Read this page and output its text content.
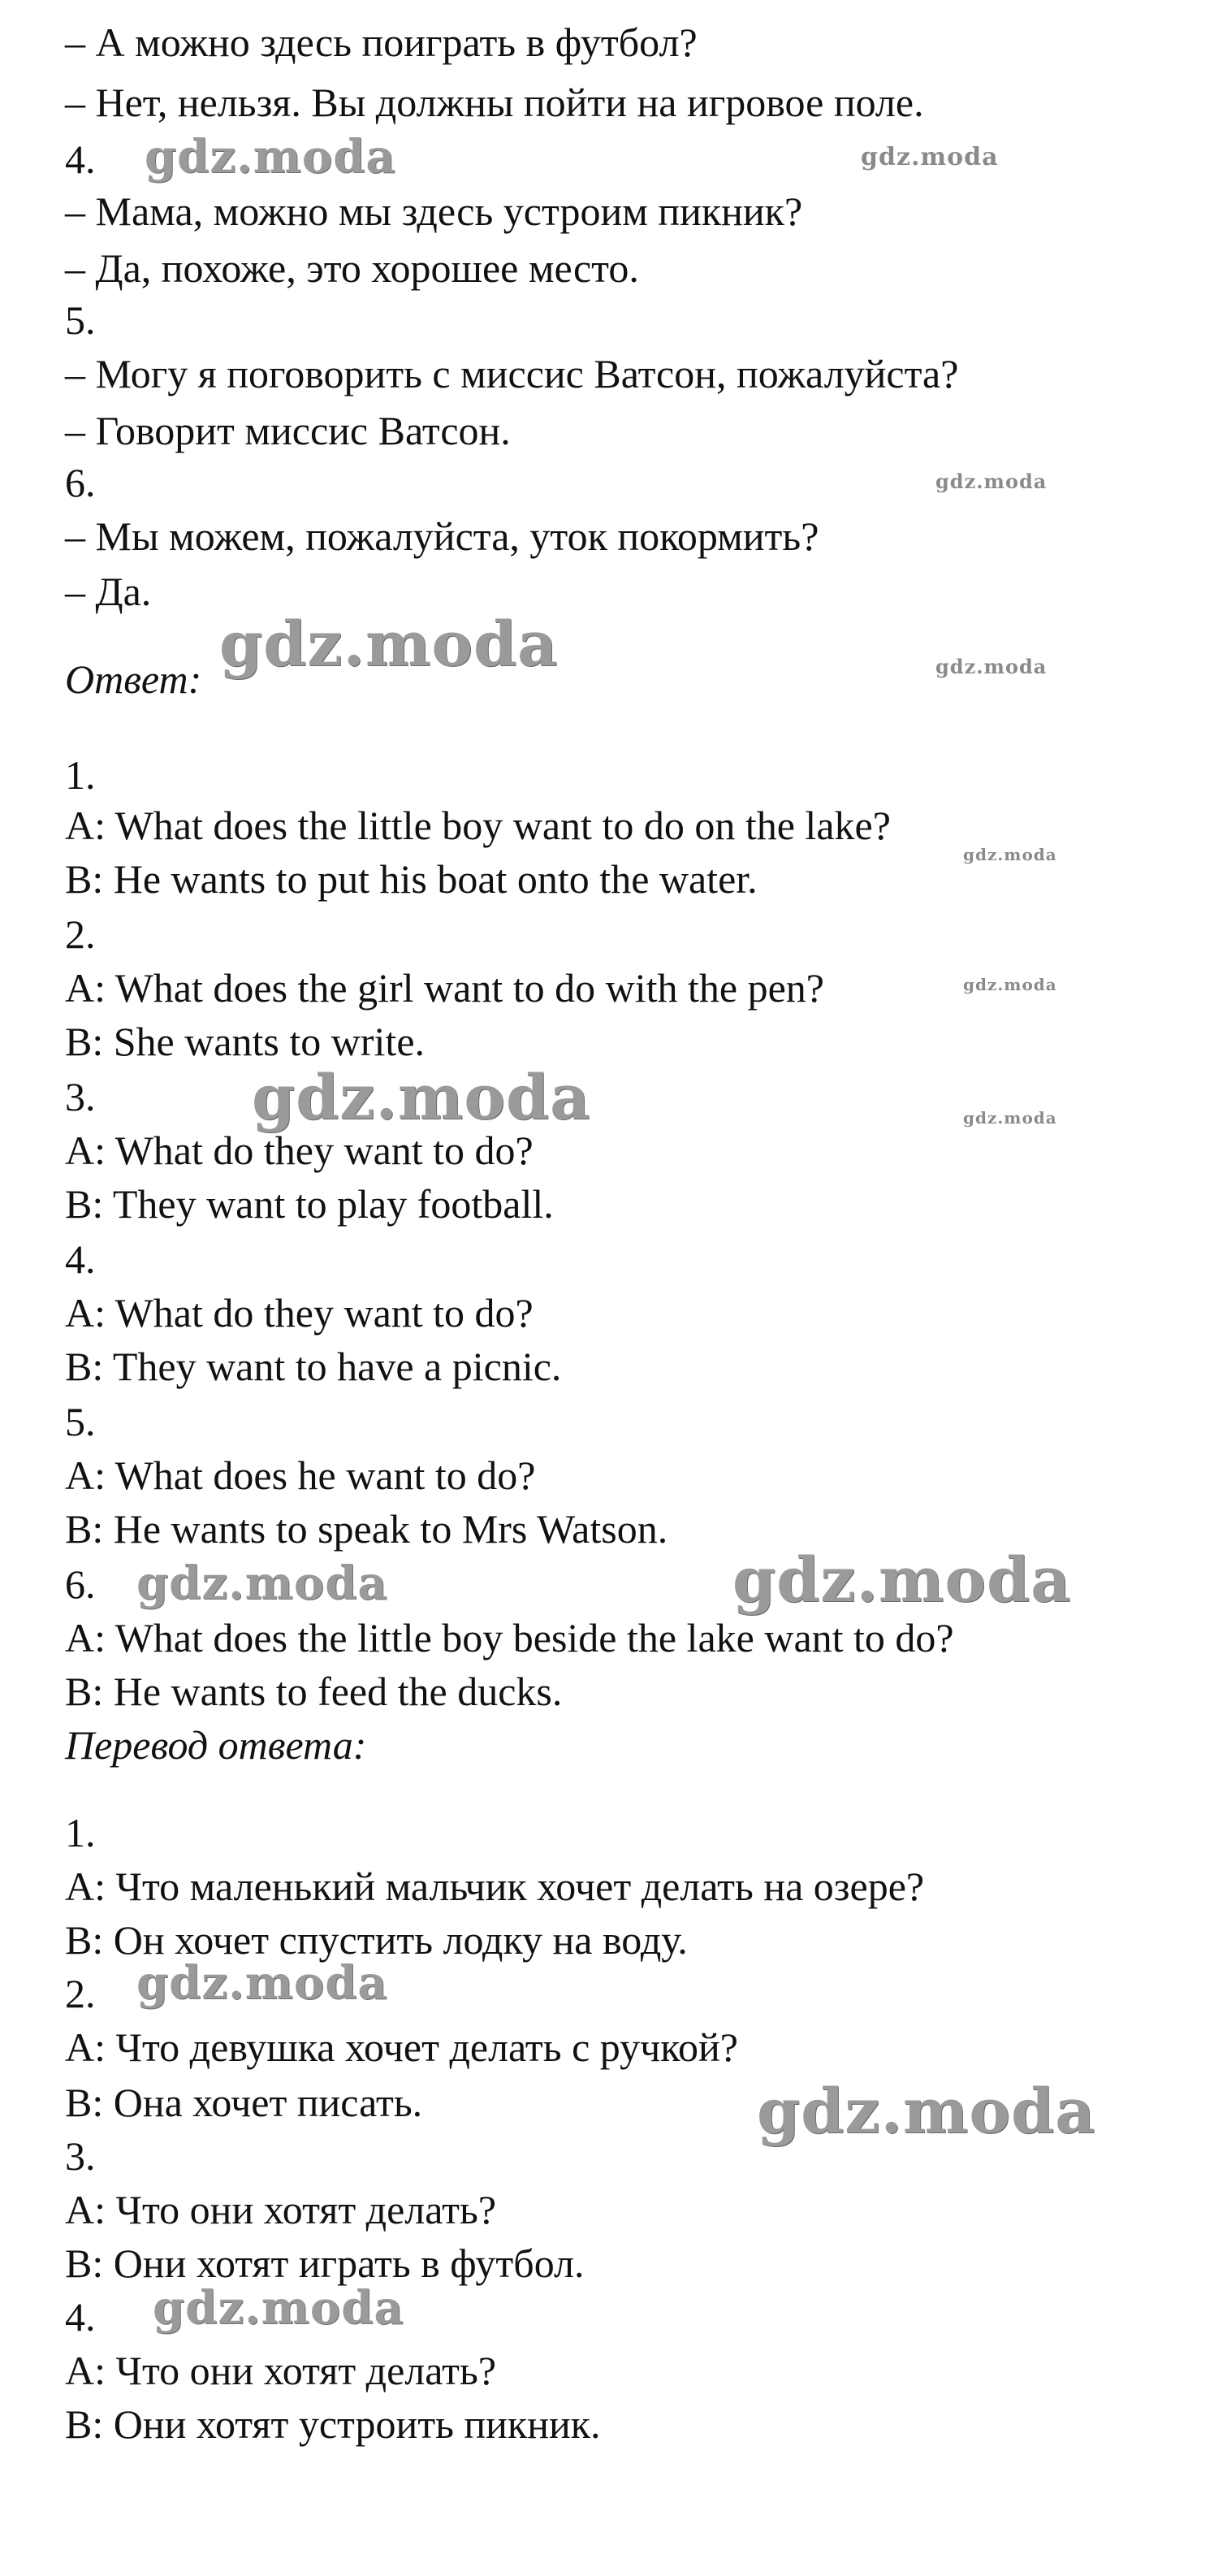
– А можно здесь поиграть в футбол?
– Нет, нельзя. Вы должны пойти на игровое поле.
4.
– Мама, можно мы здесь устроим пикник?
– Да, похоже, это хорошее место.
5.
– Могу я поговорить с миссис Ватсон, пожалуйста?
– Говорит миссис Ватсон.
6.
– Мы можем, пожалуйста, уток покормить?
– Да.
Ответ:
1.
A: What does the little boy want to do on the lake?
B: He wants to put his boat onto the water.
2.
A: What does the girl want to do with the pen?
B: She wants to write.
3.
A: What do they want to do?
B: They want to play football.
4.
A: What do they want to do?
B: They want to have a picnic.
5.
A: What does he want to do?
B: He wants to speak to Mrs Watson.
6.
A: What does the little boy beside the lake want to do?
B: He wants to feed the ducks.
Перевод ответа:
1.
A: Что маленький мальчик хочет делать на озере?
B: Он хочет спустить лодку на воду.
2.
A: Что девушка хочет делать с ручкой?
B: Она хочет писать.
3.
A: Что они хотят делать?
B: Они хотят играть в футбол.
4.
A: Что они хотят делать?
B: Они хотят устроить пикник.
gdz.moda	gdz.moda
gdz.moda
gdz.moda	gdz.moda
gdz.moda
gdz.moda
gdz.moda	gdz.moda
gdz.moda	gdz.moda
gdz.moda
gdz.moda
gdz.moda
